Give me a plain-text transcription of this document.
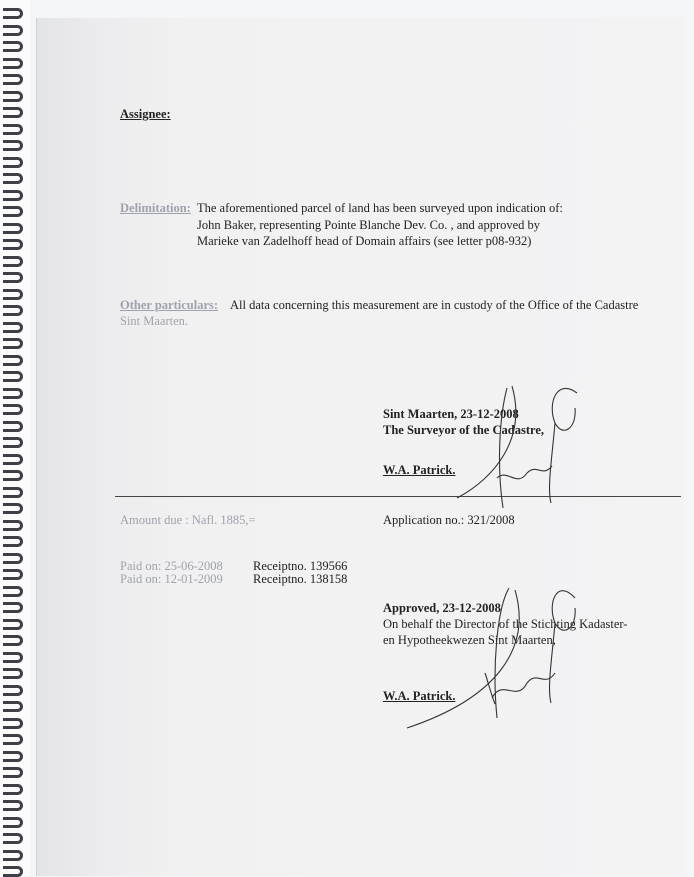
Assignee:
Delimitation: The aforementioned parcel of land has been surveyed upon indication of:
John Baker, representing Pointe Blanche Dev. Co. , and approved by
Marieke van Zadelhoff head of Domain affairs (see letter p08-932)
Other particulars: All data concerning this measurement are in custody of the Office of the Cadastre
Sint Maarten.
Sint Maarten, 23-12-2008
The Surveyor of the Cadastre,
W.A. Patrick.
Amount due : Nafl. 1885,=	Application no.: 321/2008
Paid on: 25-06-2008 Receiptno. 139566
Paid on: 12-01-2009 Receiptno. 138158
Approved, 23-12-2008
On behalf the Director of the Stichting Kadaster-
en Hypotheekwezen Sint Maarten,
W.A. Patrick.
